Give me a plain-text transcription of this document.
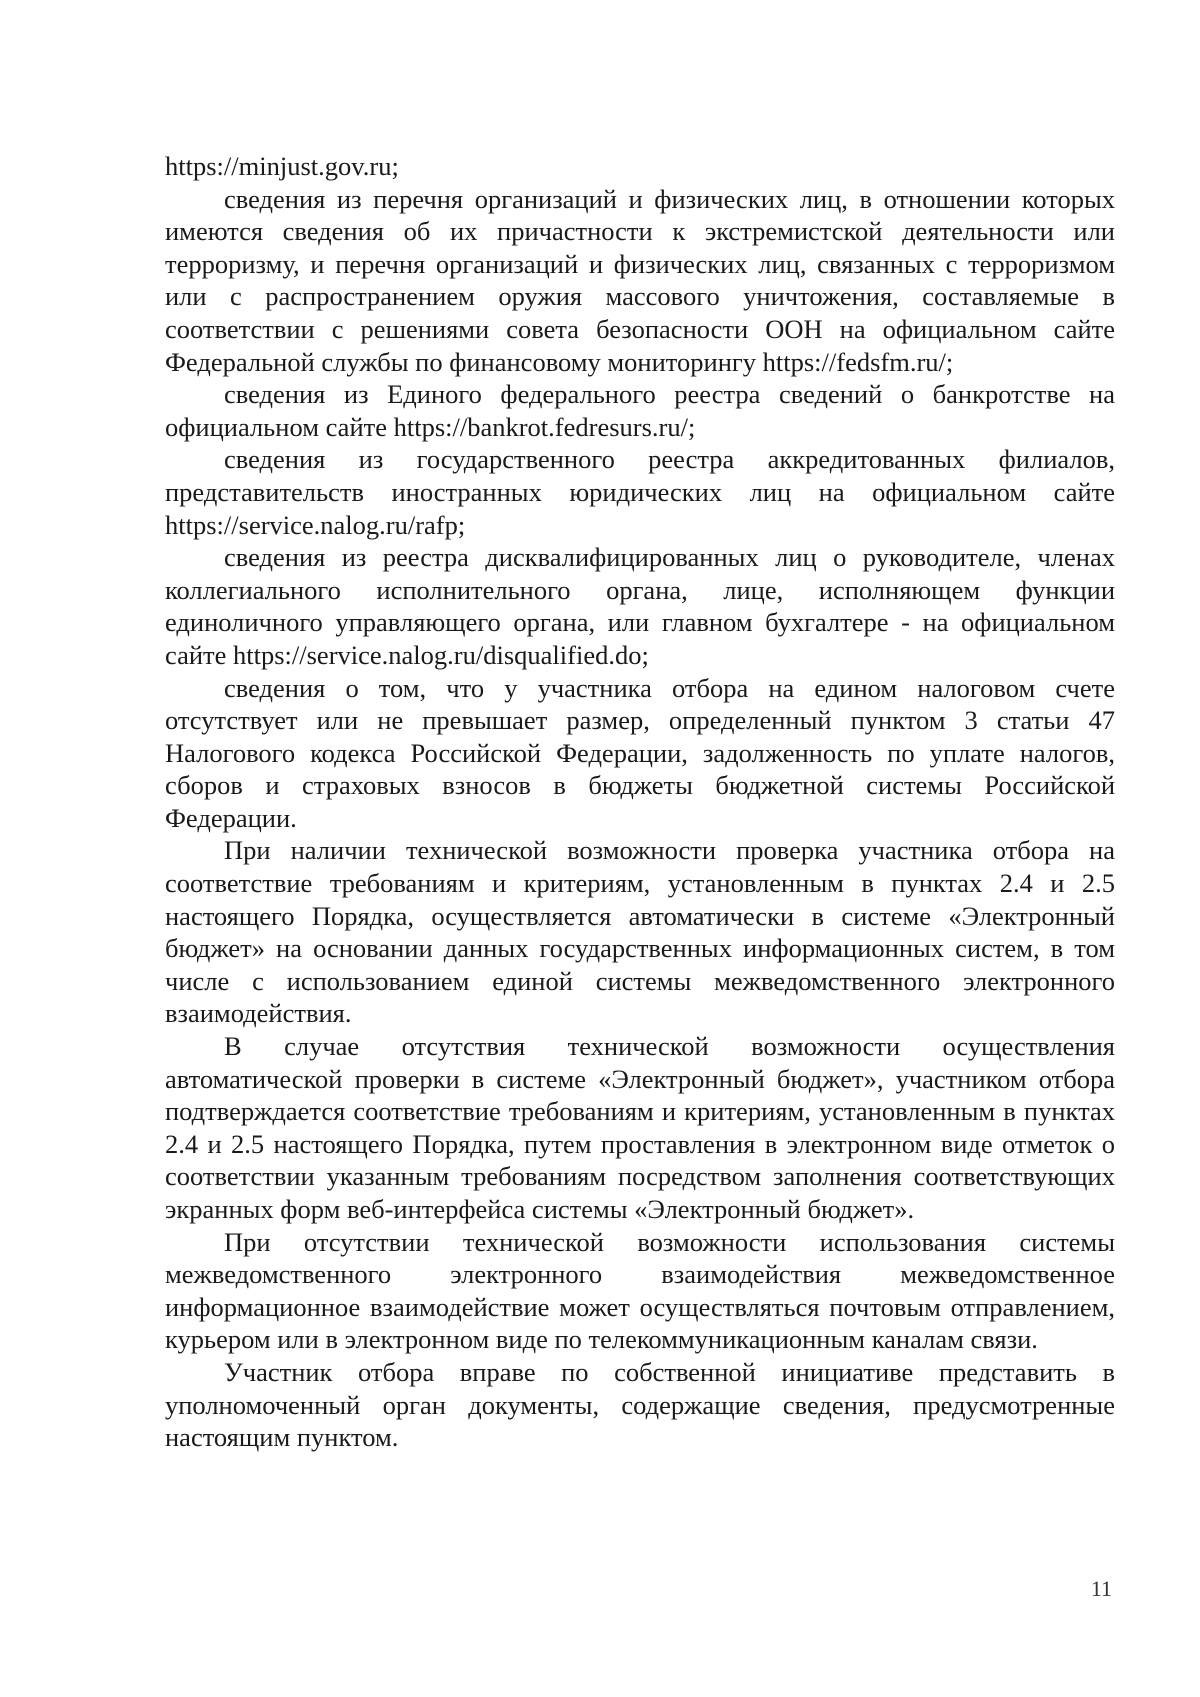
https://minjust.gov.ru;

сведения из перечня организаций и физических лиц, в отношении которых имеются сведения об их причастности к экстремистской деятельности или терроризму, и перечня организаций и физических лиц, связанных с терроризмом или с распространением оружия массового уничтожения, составляемые в соответствии с решениями совета безопасности ООН на официальном сайте Федеральной службы по финансовому мониторингу https://fedsfm.ru/;

сведения из Единого федерального реестра сведений о банкротстве на официальном сайте https://bankrot.fedresurs.ru/;

сведения из государственного реестра аккредитованных филиалов, представительств иностранных юридических лиц на официальном сайте https://service.nalog.ru/rafp;

сведения из реестра дисквалифицированных лиц о руководителе, членах коллегиального исполнительного органа, лице, исполняющем функции единоличного управляющего органа, или главном бухгалтере - на официальном сайте https://service.nalog.ru/disqualified.do;

сведения о том, что у участника отбора на едином налоговом счете отсутствует или не превышает размер, определенный пунктом 3 статьи 47 Налогового кодекса Российской Федерации, задолженность по уплате налогов, сборов и страховых взносов в бюджеты бюджетной системы Российской Федерации.

При наличии технической возможности проверка участника отбора на соответствие требованиям и критериям, установленным в пунктах 2.4 и 2.5 настоящего Порядка, осуществляется автоматически в системе «Электронный бюджет» на основании данных государственных информационных систем, в том числе с использованием единой системы межведомственного электронного взаимодействия.

В случае отсутствия технической возможности осуществления автоматической проверки в системе «Электронный бюджет», участником отбора подтверждается соответствие требованиям и критериям, установленным в пунктах 2.4 и 2.5 настоящего Порядка, путем проставления в электронном виде отметок о соответствии указанным требованиям посредством заполнения соответствующих экранных форм веб-интерфейса системы «Электронный бюджет».

При отсутствии технической возможности использования системы межведомственного электронного взаимодействия межведомственное информационное взаимодействие может осуществляться почтовым отправлением, курьером или в электронном виде по телекоммуникационным каналам связи.

Участник отбора вправе по собственной инициативе представить в уполномоченный орган документы, содержащие сведения, предусмотренные настоящим пунктом.

11
